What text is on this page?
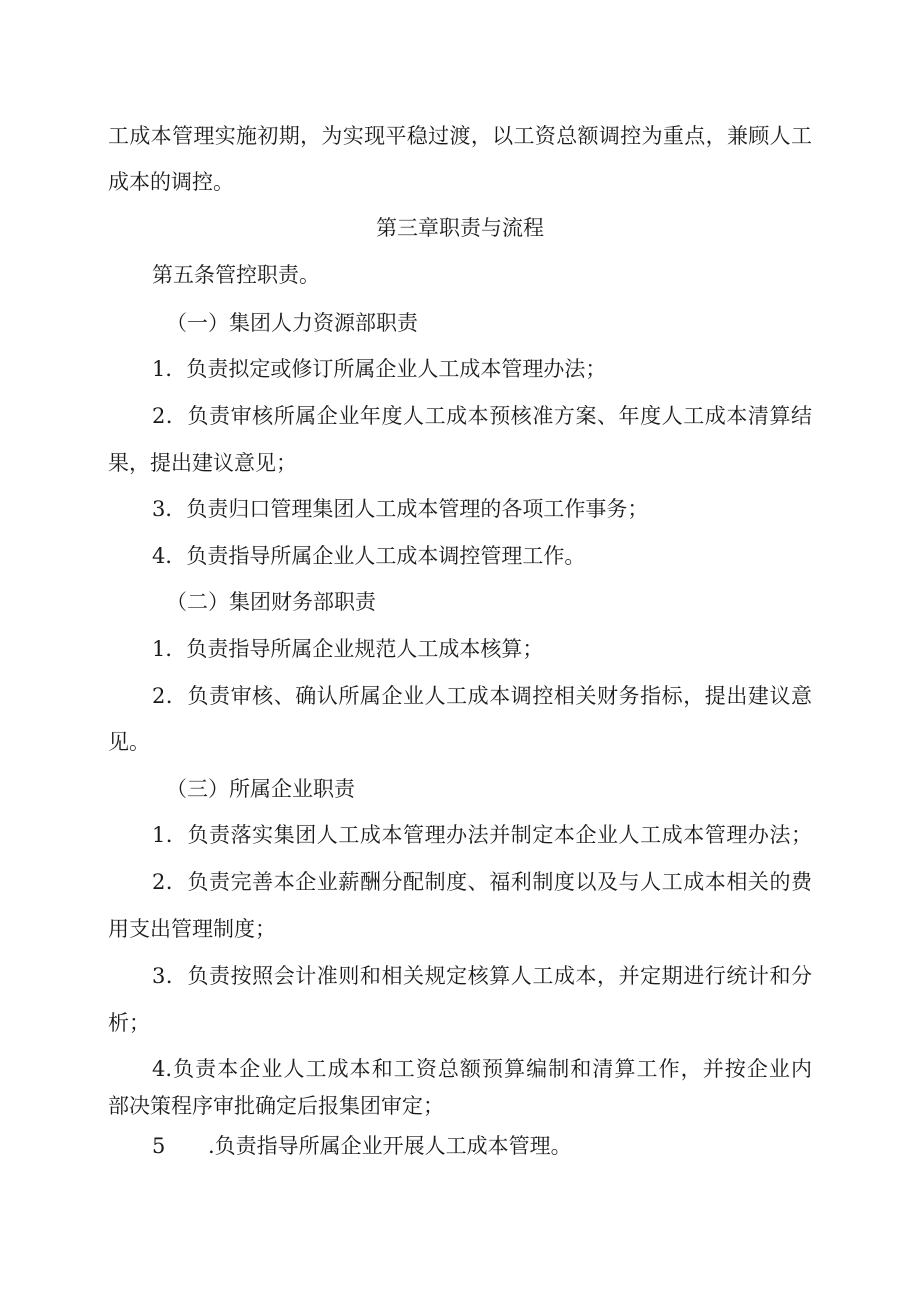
工成本管理实施初期，为实现平稳过渡，以工资总额调控为重点，兼顾人工
成本的调控。
第三章职责与流程
第五条管控职责。
（一）集团人力资源部职责
1．负责拟定或修订所属企业人工成本管理办法；
2．负责审核所属企业年度人工成本预核准方案、年度人工成本清算结
果，提出建议意见；
3．负责归口管理集团人工成本管理的各项工作事务；
4．负责指导所属企业人工成本调控管理工作。
（二）集团财务部职责
1．负责指导所属企业规范人工成本核算；
2．负责审核、确认所属企业人工成本调控相关财务指标，提出建议意
见。
（三）所属企业职责
1．负责落实集团人工成本管理办法并制定本企业人工成本管理办法；
2．负责完善本企业薪酬分配制度、福利制度以及与人工成本相关的费
用支出管理制度；
3．负责按照会计准则和相关规定核算人工成本，并定期进行统计和分
析；
4.负责本企业人工成本和工资总额预算编制和清算工作，并按企业内
部决策程序审批确定后报集团审定；
5 .负责指导所属企业开展人工成本管理。
